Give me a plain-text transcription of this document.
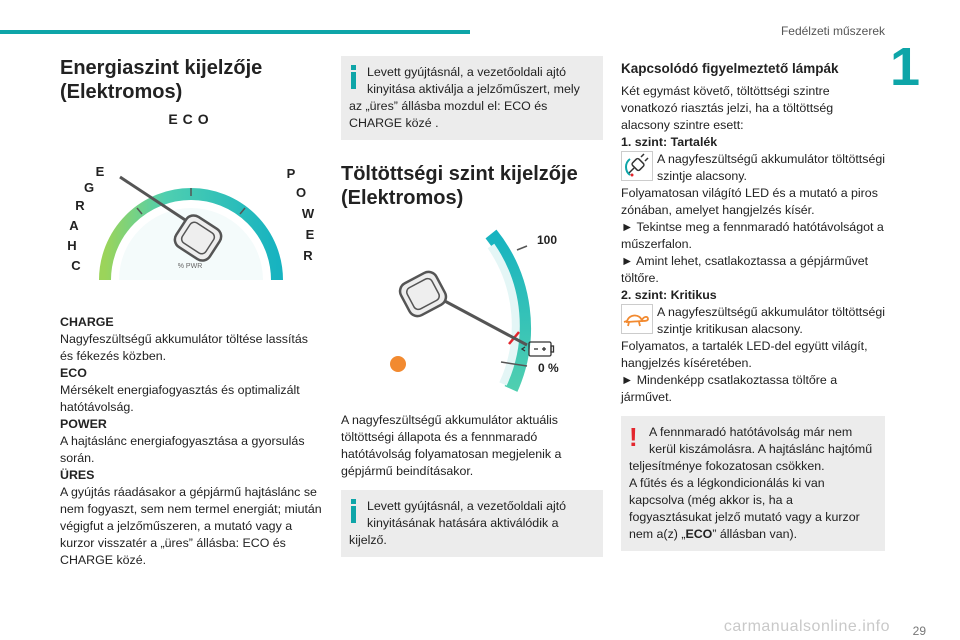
Fedélzeti műszerek
1
Energiaszint kijelzője
(Elektromos)
ECO
C
H
A
R
G
E	P
O
W
E
R
% PWR

CHARGE

Nagyfeszültségű akkumulátor töltése lassítás és fékezés közben.

ECO

Mérsékelt energiafogyasztás és optimalizált hatótávolság.

POWER

A hajtáslánc energiafogyasztása a gyorsulás során.

ÜRES

A gyújtás ráadásakor a gépjármű hajtáslánc se nem fogyaszt, sem nem termel energiát; miután végigfut a jelzőműszeren, a mutató vagy a kurzor visszatér a „üres” állásba: ECO és CHARGE közé.

Levett gyújtásnál, a vezetőoldali ajtó kinyitása aktiválja a jelzőműszert, mely az „üres” állásba mozdul el: ECO és CHARGE közé .

Töltöttségi szint kijelzője
(Elektromos)
100
0 %

A nagyfeszültségű akkumulátor aktuális töltöttségi állapota és a fennmaradó hatótávolság folyamatosan megjelenik a gépjármű beindításakor.

Levett gyújtásnál, a vezetőoldali ajtó kinyitásának hatására aktiválódik a kijelző.

Kapcsolódó figyelmeztető lámpák

Két egymást követő, töltöttségi szintre vonatkozó riasztás jelzi, ha a töltöttség alacsony szintre esett:

1. szint: Tartalék

A nagyfeszültségű akkumulátor töltöttségi szintje alacsony.

Folyamatosan világító LED és a mutató a piros zónában, amelyet hangjelzés kísér.

► Tekintse meg a fennmaradó hatótávolságot a műszerfalon.

► Amint lehet, csatlakoztassa a gépjárművet töltőre.

2. szint: Kritikus

A nagyfeszültségű akkumulátor töltöttségi szintje kritikusan alacsony.

Folyamatos, a tartalék LED-del együtt világít, hangjelzés kíséretében.

► Mindenképp csatlakoztassa töltőre a járművet.

! A fennmaradó hatótávolság már nem kerül kiszámolásra. A hajtáslánc hajtómű teljesítménye fokozatosan csökken.

A fűtés és a légkondicionálás ki van kapcsolva (még akkor is, ha a fogyasztásukat jelző mutató vagy a kurzor nem a(z) „ECO” állásban van).

carmanualsonline.info 29
